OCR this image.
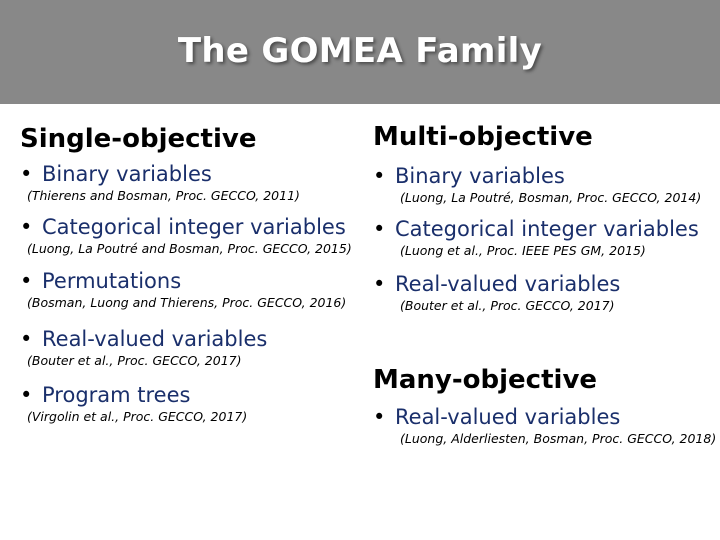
The GOMEA Family
Single-objective
• Binary variables
(Thierens and Bosman, Proc. GECCO, 2011)
• Categorical integer variables
(Luong, La Poutré and Bosman, Proc. GECCO, 2015)
• Permutations
(Bosman, Luong and Thierens, Proc. GECCO, 2016)
• Real-valued variables
(Bouter et al., Proc. GECCO, 2017)
• Program trees
(Virgolin et al., Proc. GECCO, 2017)
Multi-objective
• Binary variables
(Luong, La Poutré, Bosman, Proc. GECCO, 2014)
• Categorical integer variables
(Luong et al., Proc. IEEE PES GM, 2015)
• Real-valued variables
(Bouter et al., Proc. GECCO, 2017)
Many-objective
• Real-valued variables
(Luong, Alderliesten, Bosman, Proc. GECCO, 2018)
